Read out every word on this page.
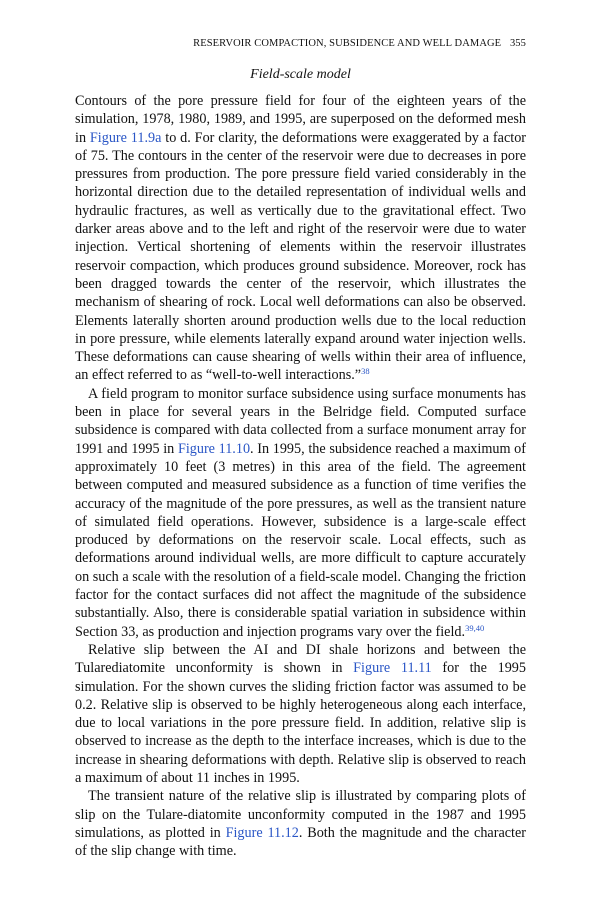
RESERVOIR COMPACTION, SUBSIDENCE AND WELL DAMAGE 355
Field-scale model

Contours of the pore pressure field for four of the eighteen years of the simulation, 1978, 1980, 1989, and 1995, are superposed on the deformed mesh in Figure 11.9a to d. For clarity, the deformations were exaggerated by a factor of 75. The contours in the center of the reservoir were due to decreases in pore pressures from production. The pore pressure field varied considerably in the horizontal direction due to the detailed representation of individual wells and hydraulic fractures, as well as vertically due to the gravitational effect. Two darker areas above and to the left and right of the reservoir were due to water injection. Vertical shortening of elements within the reservoir illustrates reservoir compaction, which produces ground subsidence. Moreover, rock has been dragged towards the center of the reservoir, which illustrates the mechanism of shearing of rock. Local well deformations can also be observed. Elements laterally shorten around production wells due to the local reduction in pore pressure, while elements laterally expand around water injection wells. These deformations can cause shearing of wells within their area of influence, an effect referred to as “well-to-well interactions.”$^{38}$

A field program to monitor surface subsidence using surface monuments has been in place for several years in the Belridge field. Computed surface subsidence is compared with data collected from a surface monument array for 1991 and 1995 in Figure 11.10. In 1995, the subsidence reached a maximum of approximately 10 feet (3 metres) in this area of the field. The agreement between computed and measured subsidence as a function of time verifies the accuracy of the magnitude of the pore pressures, as well as the transient nature of simulated field operations. However, subsidence is a large-scale effect produced by deformations on the reservoir scale. Local effects, such as deformations around individual wells, are more difficult to capture accurately on such a scale with the resolution of a field-scale model. Changing the friction factor for the contact surfaces did not affect the magnitude of the subsidence substantially. Also, there is considerable spatial variation in subsidence within Section 33, as production and injection programs vary over the field.$^{39,40}$

Relative slip between the AI and DI shale horizons and between the Tularediatomite unconformity is shown in Figure 11.11 for the 1995 simulation. For the shown curves the sliding friction factor was assumed to be 0.2. Relative slip is observed to be highly heterogeneous along each interface, due to local variations in the pore pressure field. In addition, relative slip is observed to increase as the depth to the interface increases, which is due to the increase in shearing deformations with depth. Relative slip is observed to reach a maximum of about 11 inches in 1995.

The transient nature of the relative slip is illustrated by comparing plots of slip on the Tulare-diatomite unconformity computed in the 1987 and 1995 simulations, as plotted in Figure 11.12. Both the magnitude and the character of the slip change with time.
